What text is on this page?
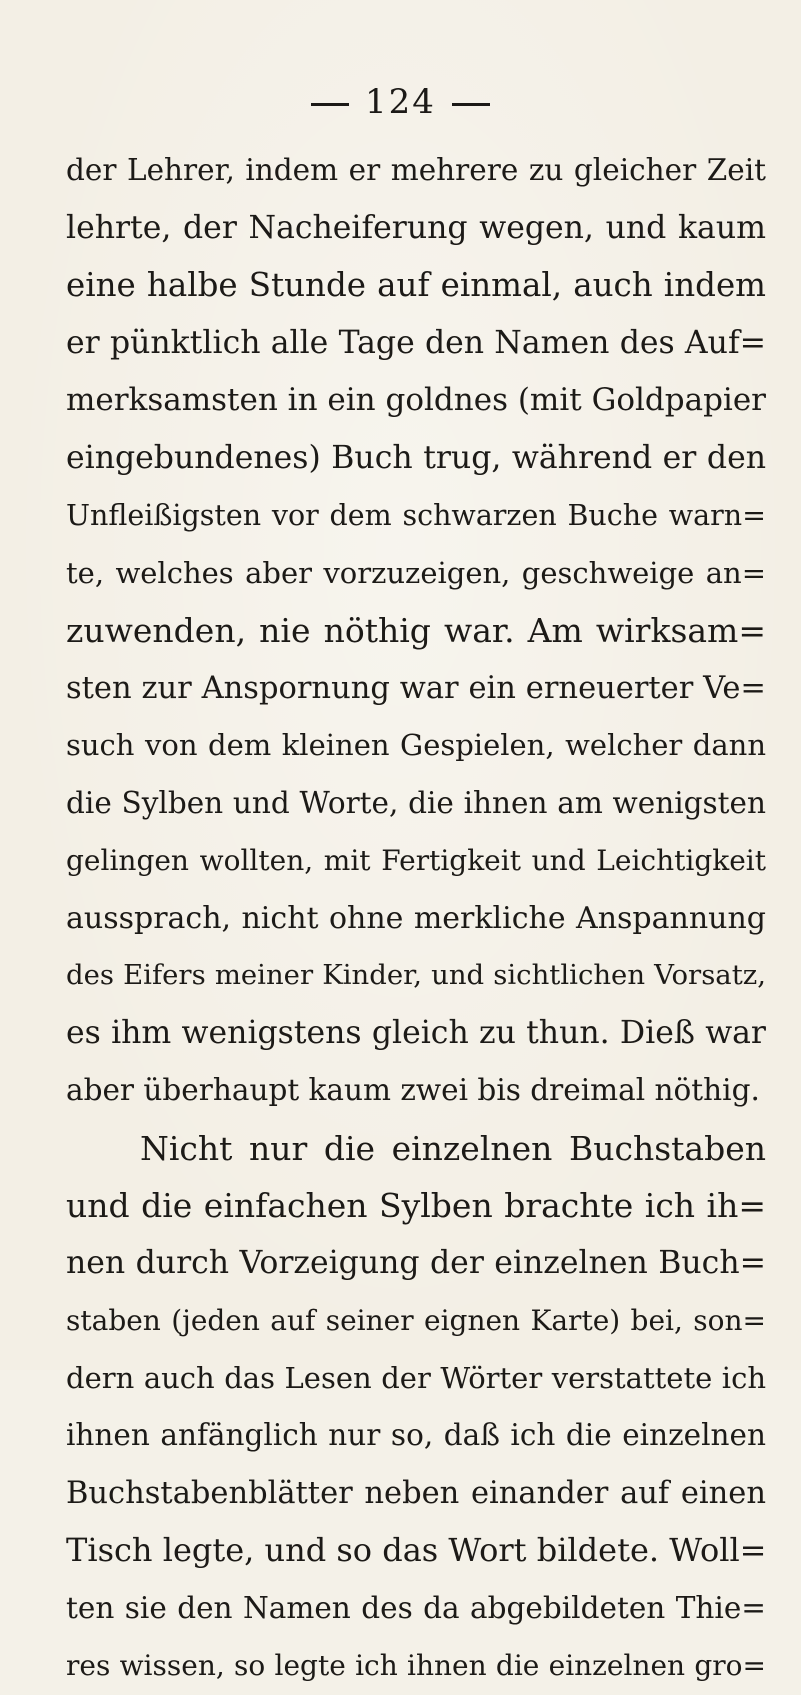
124
der Lehrer, indem er mehrere zu gleicher Zeit
lehrte, der Nacheiferung wegen, und kaum
eine halbe Stunde auf einmal, auch indem
er pünktlich alle Tage den Namen des Auf=
merksamsten in ein goldnes (mit Goldpapier
eingebundenes) Buch trug, während er den
Unfleißigsten vor dem schwarzen Buche warn=
te, welches aber vorzuzeigen, geschweige an=
zuwenden, nie nöthig war. Am wirksam=
sten zur Anspornung war ein erneuerter Ve=
such von dem kleinen Gespielen, welcher dann
die Sylben und Worte, die ihnen am wenigsten
gelingen wollten, mit Fertigkeit und Leichtigkeit
aussprach, nicht ohne merkliche Anspannung
des Eifers meiner Kinder, und sichtlichen Vorsatz,
es ihm wenigstens gleich zu thun. Dieß war
aber überhaupt kaum zwei bis dreimal nöthig.
Nicht nur die einzelnen Buchstaben
und die einfachen Sylben brachte ich ih=
nen durch Vorzeigung der einzelnen Buch=
staben (jeden auf seiner eignen Karte) bei, son=
dern auch das Lesen der Wörter verstattete ich
ihnen anfänglich nur so, daß ich die einzelnen
Buchstabenblätter neben einander auf einen
Tisch legte, und so das Wort bildete. Woll=
ten sie den Namen des da abgebildeten Thie=
res wissen, so legte ich ihnen die einzelnen gro=
